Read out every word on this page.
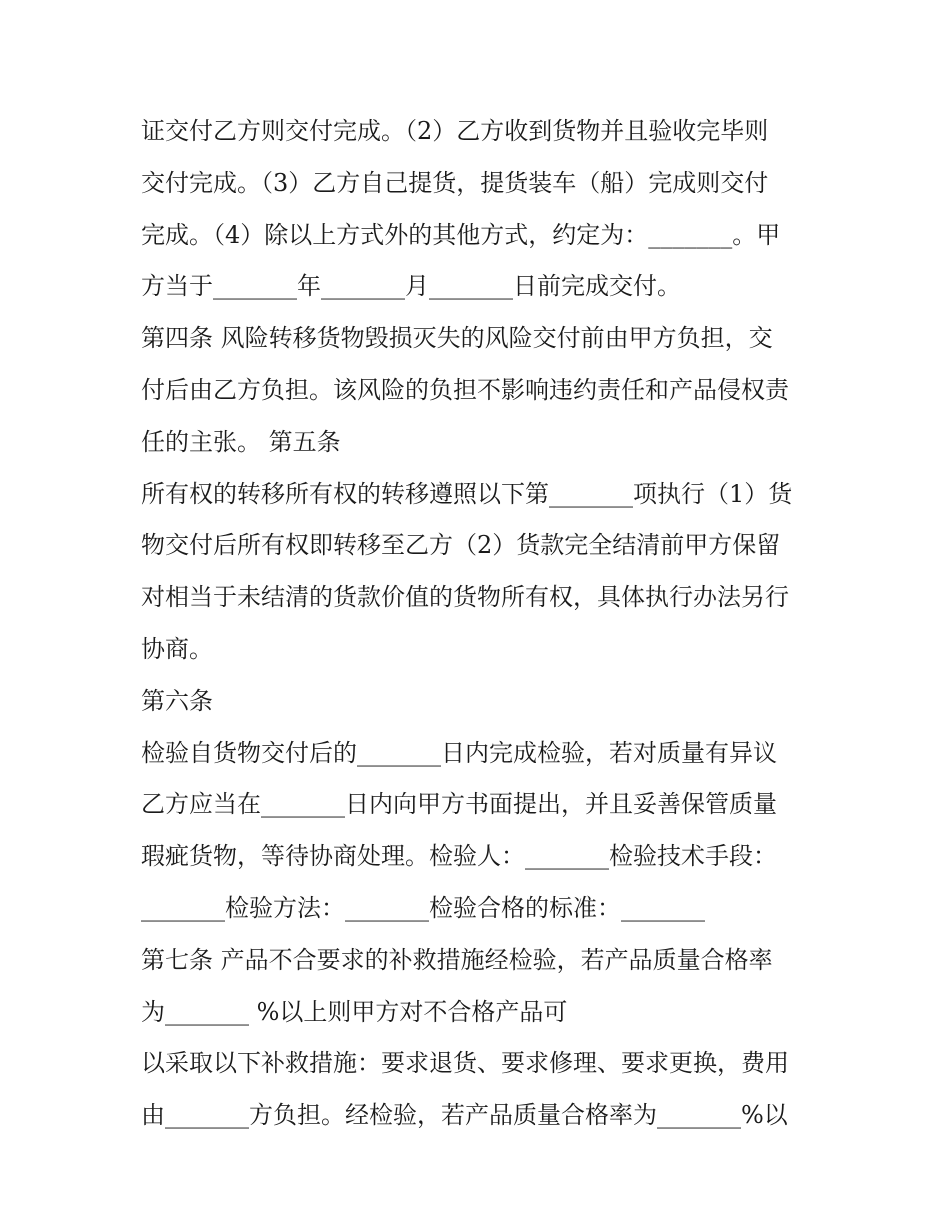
证交付乙方则交付完成。（2）乙方收到货物并且验收完毕则
交付完成。（3）乙方自己提货，提货装车（船）完成则交付
完成。（4）除以上方式外的其他方式，约定为：_______。甲
方当于_______年_______月_______日前完成交付。
第四条 风险转移货物毁损灭失的风险交付前由甲方负担，交
付后由乙方负担。该风险的负担不影响违约责任和产品侵权责
任的主张。 第五条
所有权的转移所有权的转移遵照以下第_______项执行（1）货
物交付后所有权即转移至乙方（2）货款完全结清前甲方保留
对相当于未结清的货款价值的货物所有权，具体执行办法另行
协商。
第六条
检验自货物交付后的_______日内完成检验，若对质量有异议
乙方应当在_______日内向甲方书面提出，并且妥善保管质量
瑕疵货物，等待协商处理。检验人：_______检验技术手段：
_______检验方法：_______检验合格的标准：_______
第七条 产品不合要求的补救措施经检验，若产品质量合格率
为_______ %以上则甲方对不合格产品可
以采取以下补救措施：要求退货、要求修理、要求更换，费用
由_______方负担。经检验，若产品质量合格率为_______%以
